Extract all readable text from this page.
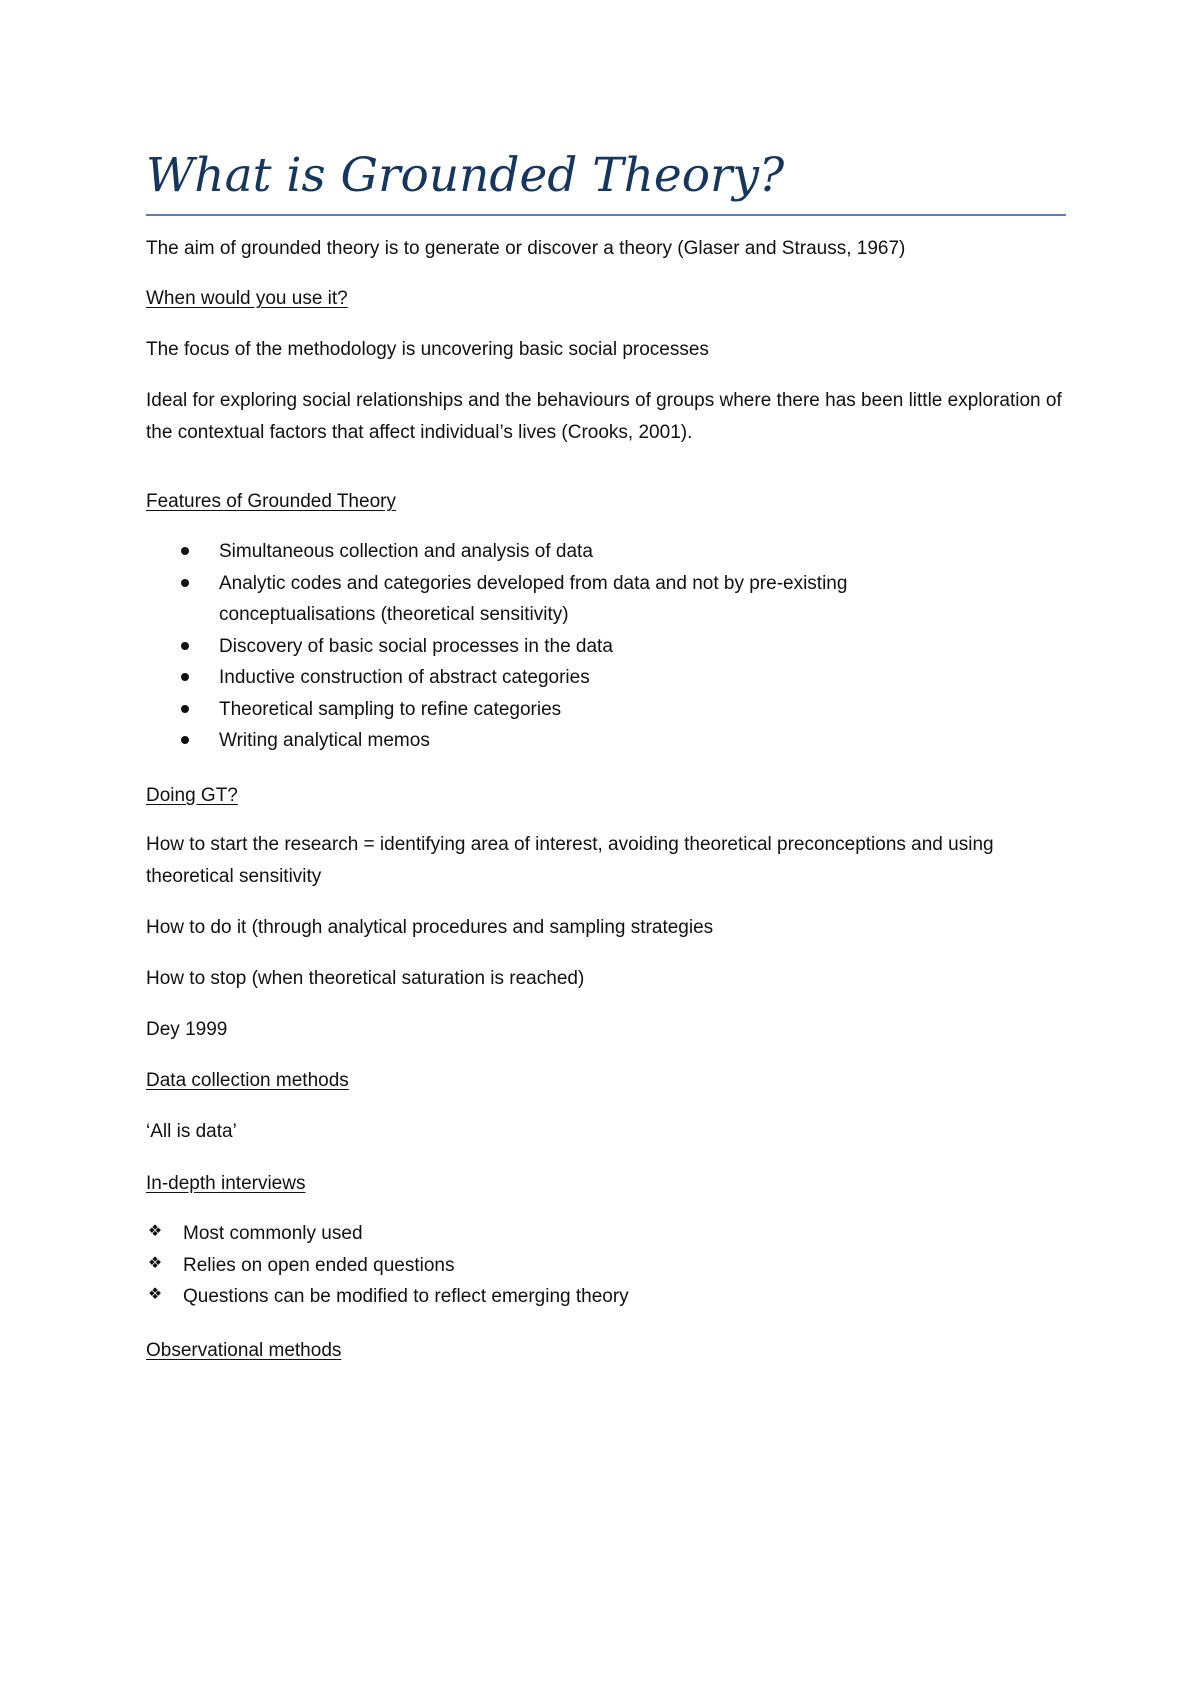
What is Grounded Theory?

The aim of grounded theory is to generate or discover a theory (Glaser and Strauss, 1967)

When would you use it?

The focus of the methodology is uncovering basic social processes

Ideal for exploring social relationships and the behaviours of groups where there has been little exploration of the contextual factors that affect individual’s lives (Crooks, 2001).

Features of Grounded Theory

Simultaneous collection and analysis of data
Analytic codes and categories developed from data and not by pre-existing conceptualisations (theoretical sensitivity)
Discovery of basic social processes in the data
Inductive construction of abstract categories
Theoretical sampling to refine categories
Writing analytical memos

Doing GT?

How to start the research = identifying area of interest, avoiding theoretical preconceptions and using theoretical sensitivity

How to do it (through analytical procedures and sampling strategies

How to stop (when theoretical saturation is reached)

Dey 1999

Data collection methods

‘All is data’

In-depth interviews

❖ Most commonly used
❖ Relies on open ended questions
❖ Questions can be modified to reflect emerging theory

Observational methods
